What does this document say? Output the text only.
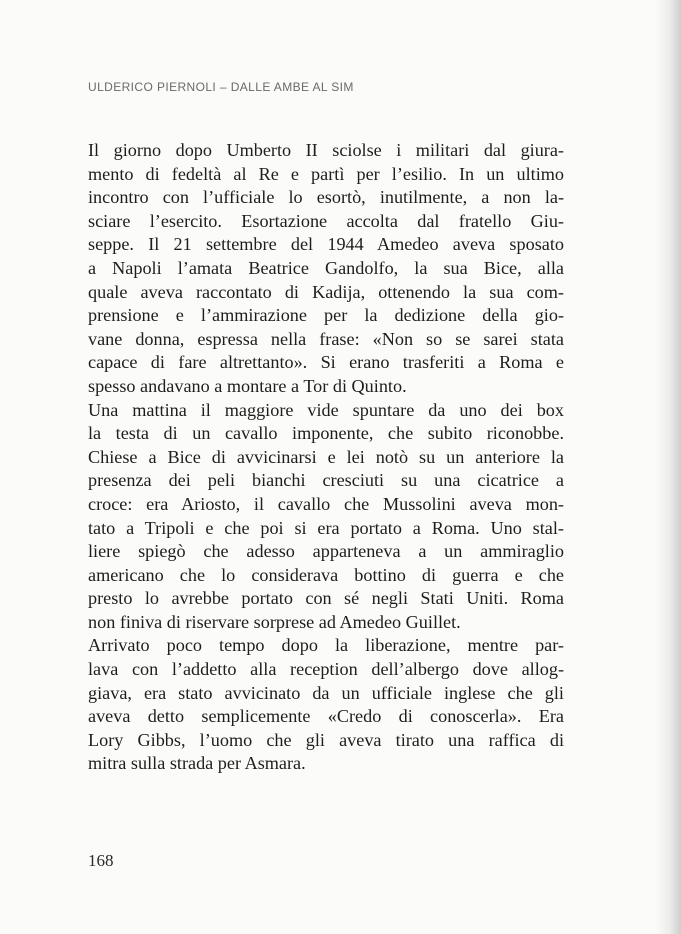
ULDERICO PIERNOLI – DALLE AMBE AL SIM
Il giorno dopo Umberto II sciolse i militari dal giura-
mento di fedeltà al Re e partì per l’esilio. In un ultimo
incontro con l’ufficiale lo esortò, inutilmente, a non la-
sciare l’esercito. Esortazione accolta dal fratello Giu-
seppe. Il 21 settembre del 1944 Amedeo aveva sposato
a Napoli l’amata Beatrice Gandolfo, la sua Bice, alla
quale aveva raccontato di Kadija, ottenendo la sua com-
prensione e l’ammirazione per la dedizione della gio-
vane donna, espressa nella frase: «Non so se sarei stata
capace di fare altrettanto». Si erano trasferiti a Roma e
spesso andavano a montare a Tor di Quinto.
Una mattina il maggiore vide spuntare da uno dei box
la testa di un cavallo imponente, che subito riconobbe.
Chiese a Bice di avvicinarsi e lei notò su un anteriore la
presenza dei peli bianchi cresciuti su una cicatrice a
croce: era Ariosto, il cavallo che Mussolini aveva mon-
tato a Tripoli e che poi si era portato a Roma. Uno stal-
liere spiegò che adesso apparteneva a un ammiraglio
americano che lo considerava bottino di guerra e che
presto lo avrebbe portato con sé negli Stati Uniti. Roma
non finiva di riservare sorprese ad Amedeo Guillet.
Arrivato poco tempo dopo la liberazione, mentre par-
lava con l’addetto alla reception dell’albergo dove allog-
giava, era stato avvicinato da un ufficiale inglese che gli
aveva detto semplicemente «Credo di conoscerla». Era
Lory Gibbs, l’uomo che gli aveva tirato una raffica di
mitra sulla strada per Asmara.
168
